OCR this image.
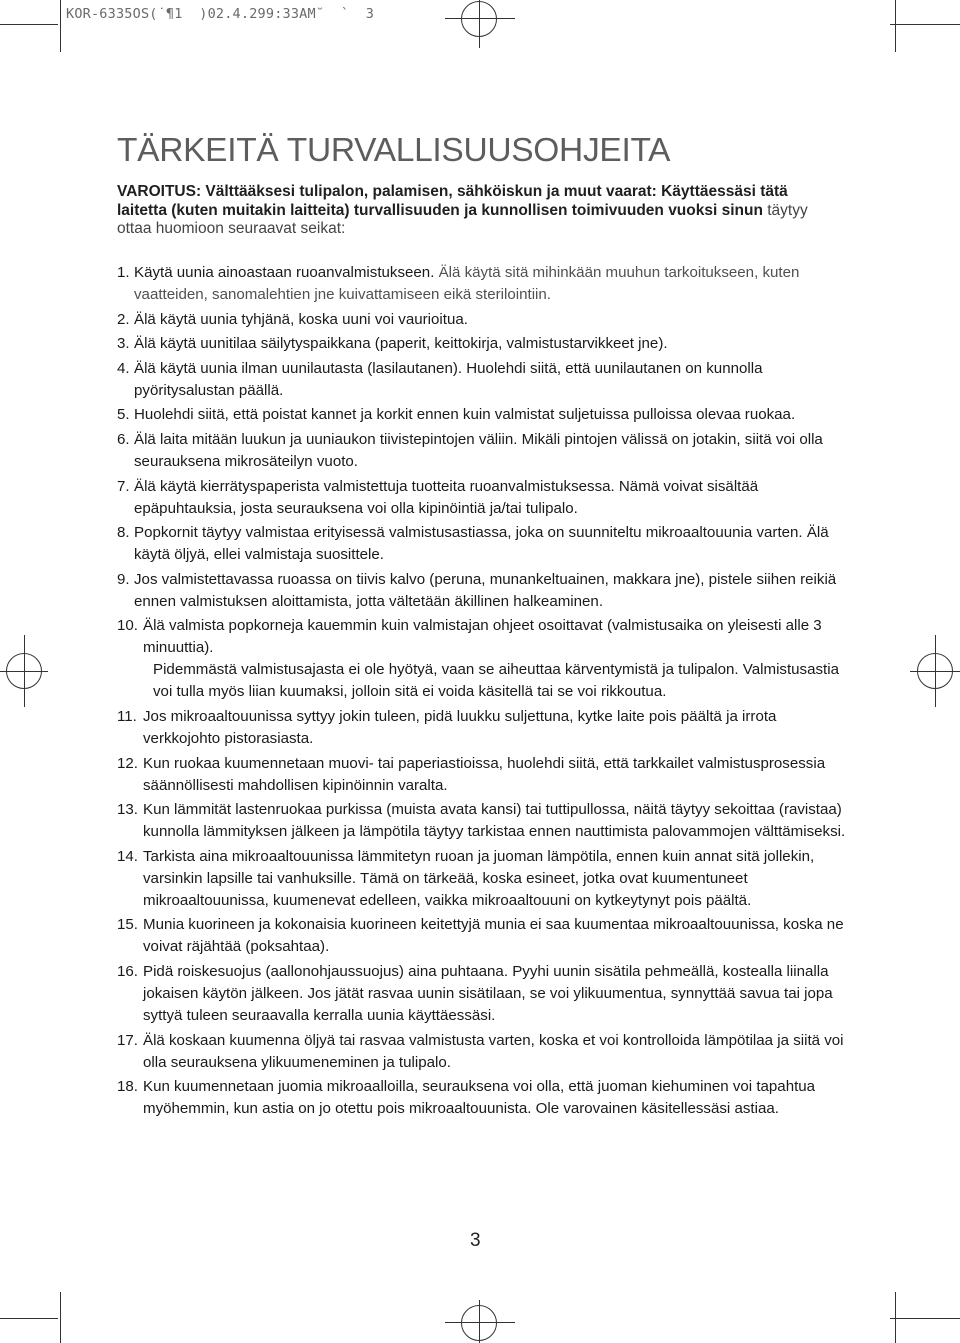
KOR-6335OS(˙¶1  )02.4.299:33AM˘  `  3
TÄRKEITÄ TURVALLISUUSOHJEITA
VAROITUS: Välttääksesi tulipalon, palamisen, sähköiskun ja muut vaarat: Käyttäessäsi tätä laitetta (kuten muitakin laitteita) turvallisuuden ja kunnollisen toimivuuden vuoksi sinun täytyy ottaa huomioon seuraavat seikat:
1. Käytä uunia ainoastaan ruoanvalmistukseen. Älä käytä sitä mihinkään muuhun tarkoitukseen, kuten vaatteiden, sanomalehtien jne kuivattamiseen eikä sterilointiin.
2. Älä käytä uunia tyhjänä, koska uuni voi vaurioitua.
3. Älä käytä uunitilaa säilytyspaikkana (paperit, keittokirja, valmistustarvikkeet jne).
4. Älä käytä uunia ilman uunilautasta (lasilautanen). Huolehdi siitä, että uunilautanen on kunnolla pyöritysalustan päällä.
5. Huolehdi siitä, että poistat kannet ja korkit ennen kuin valmistat suljetuissa pulloissa olevaa ruokaa.
6. Älä laita mitään luukun ja uuniaukon tiivistepintojen väliin. Mikäli pintojen välissä on jotakin, siitä voi olla seurauksena mikrosäteilyn vuoto.
7. Älä käytä kierrätyspaperista valmistettuja tuotteita ruoanvalmistuksessa. Nämä voivat sisältää epäpuhtauksia, josta seurauksena voi olla kipinöintiä ja/tai tulipalo.
8. Popkornit täytyy valmistaa erityisessä valmistusastiassa, joka on suunniteltu mikroaaltouunia varten. Älä käytä öljyä, ellei valmistaja suosittele.
9. Jos valmistettavassa ruoassa on tiivis kalvo (peruna, munankeltuainen, makkara jne), pistele siihen reikiä ennen valmistuksen aloittamista, jotta vältetään äkillinen halkeaminen.
10. Älä valmista popkorneja kauemmin kuin valmistajan ohjeet osoittavat (valmistusaika on yleisesti alle 3 minuuttia).
Pidemmästä valmistusajasta ei ole hyötyä, vaan se aiheuttaa kärventymistä ja tulipalon. Valmistusastia voi tulla myös liian kuumaksi, jolloin sitä ei voida käsitellä tai se voi rikkoutua.
11. Jos mikroaaltouunissa syttyy jokin tuleen, pidä luukku suljettuna, kytke laite pois päältä ja irrota verkkojohto pistorasiasta.
12. Kun ruokaa kuumennetaan muovi- tai paperiastioissa, huolehdi siitä, että tarkkailet valmistusprosessia säännöllisesti mahdollisen kipinöinnin varalta.
13. Kun lämmität lastenruokaa purkissa (muista avata kansi) tai tuttipullossa, näitä täytyy sekoittaa (ravistaa) kunnolla lämmityksen jälkeen ja lämpötila täytyy tarkistaa ennen nauttimista palovammojen välttämiseksi.
14. Tarkista aina mikroaaltouunissa lämmitetyn ruoan ja juoman lämpötila, ennen kuin annat sitä jollekin, varsinkin lapsille tai vanhuksille. Tämä on tärkeää, koska esineet, jotka ovat kuumentuneet mikroaaltouunissa, kuumenevat edelleen, vaikka mikroaaltouuni on kytkeytynyt pois päältä.
15. Munia kuorineen ja kokonaisia kuorineen keitettyjä munia ei saa kuumentaa mikroaaltouunissa, koska ne voivat räjähtää (poksahtaa).
16. Pidä roiskesuojus (aallonohjaussuojus) aina puhtaana. Pyyhi uunin sisätila pehmeällä, kostealla liinalla jokaisen käytön jälkeen. Jos jätät rasvaa uunin sisätilaan, se voi ylikuumentua, synnyttää savua tai jopa syttyä tuleen seuraavalla kerralla uunia käyttäessäsi.
17. Älä koskaan kuumenna öljyä tai rasvaa valmistusta varten, koska et voi kontrolloida lämpötilaa ja siitä voi olla seurauksena ylikuumeneminen ja tulipalo.
18. Kun kuumennetaan juomia mikroaalloilla, seurauksena voi olla, että juoman kiehuminen voi tapahtua myöhemmin, kun astia on jo otettu pois mikroaaltouunista. Ole varovainen käsitellessäsi astiaa.
3
